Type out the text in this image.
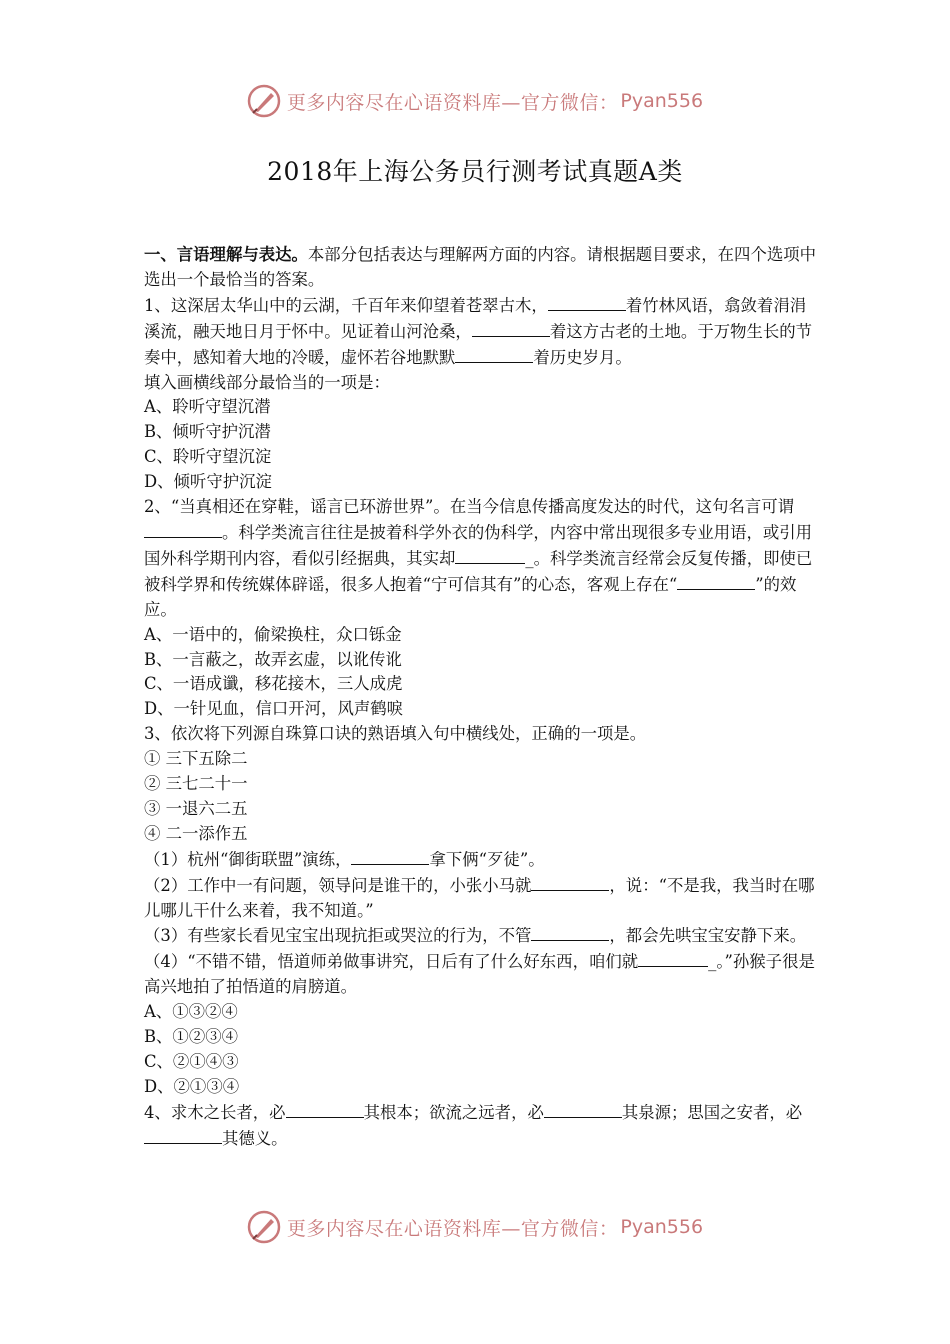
更多内容尽在心语资料库—官方微信： Pyan556
2018年上海公务员行测考试真题A类

一、言语理解与表达。本部分包括表达与理解两方面的内容。请根据题目要求，在四个选项中选出一个最恰当的答案。

1、这深居太华山中的云湖，千百年来仰望着苍翠古木，	着竹林风语，翕敛着涓涓溪流，融天地日月于怀中。见证着山河沧桑，	着这方古老的土地。于万物生长的节奏中，感知着大地的冷暖，虚怀若谷地默默	着历史岁月。

填入画横线部分最恰当的一项是：

A、聆听守望沉潜

B、倾听守护沉潜

C、聆听守望沉淀

D、倾听守护沉淀

2、“当真相还在穿鞋，谣言已环游世界”。在当今信息传播高度发达的时代，这句名言可谓。科学类流言往往是披着科学外衣的伪科学，内容中常出现很多专业用语，或引用国外科学期刊内容，看似引经据典，其实却	_。科学类流言经常会反复传播，即使已被科学界和传统媒体辟谣，很多人抱着“宁可信其有”的心态，客观上存在“	”的效应。

A、一语中的，偷梁换柱，众口铄金

B、一言蔽之，故弄玄虚，以讹传讹

C、一语成谶，移花接木，三人成虎

D、一针见血，信口开河，风声鹤唳

3、依次将下列源自珠算口诀的熟语填入句中横线处，正确的一项是。

① 三下五除二

② 三七二十一

③ 一退六二五

④ 二一添作五

（1）杭州“御街联盟”演练，	拿下俩“歹徒”。

（2）工作中一有问题，领导问是谁干的，小张小马就	，说：“不是我，我当时在哪儿哪儿干什么来着，我不知道。”

（3）有些家长看见宝宝出现抗拒或哭泣的行为，不管	，都会先哄宝宝安静下来。

（4）“不错不错，悟道师弟做事讲究，日后有了什么好东西，咱们就	_。”孙猴子很是高兴地拍了拍悟道的肩膀道。

A、①③②④

B、①②③④

C、②①④③

D、②①③④

4、求木之长者，必	其根本；欲流之远者，必	其泉源；思国之安者，必其德义。

更多内容尽在心语资料库—官方微信： Pyan556
